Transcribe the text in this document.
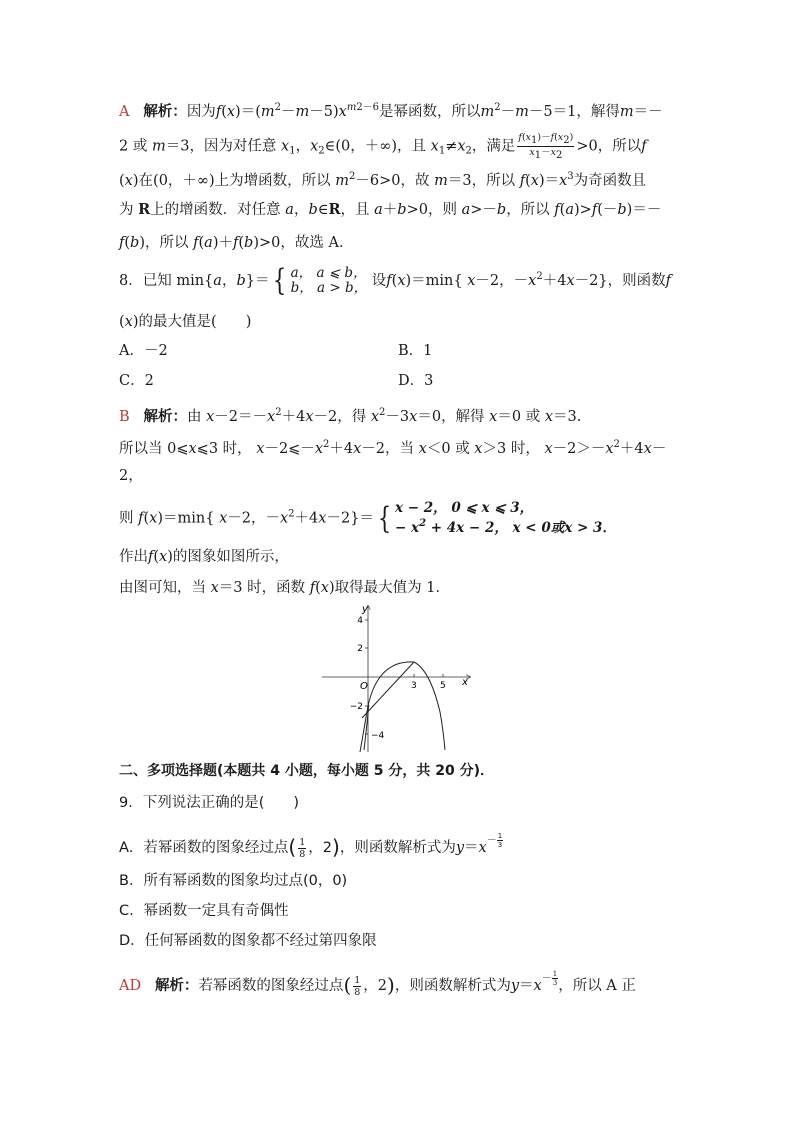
A 解析：因为$f(x)=(m^2-m-5)x^{m2-6}$是幂函数，所以$m^2-m-5=1$，解得m＝－
2 或 m＝3，因为对任意 $x_1$，$x_2\in(0$，＋∞)，且 $x_1\ne x_2$，满足 $\frac{f(x1)-f(x2)}{x1-x2} >0$，所以f
(x)在(0，＋∞)上为增函数，所以 $m^2-6>0$，故 m＝3，所以 $f(x)=x^3$为奇函数且
为 R上的增函数．对任意 a，b∈R，且 a＋b>0，则 a>－b，所以 f(a)>f(－b)＝－
f(b)，所以 f(a)＋f(b)>0，故选 A．
8．已知 min{a，b}＝ { a， a ⩽ b，
b， a > b， 设f(x)＝min{ x－2，$-x^2+4x-2$}，则函数f
(x)的最大值是(　　)
A．－2	B．1
C．2	D．3
B 解析：由 $x-2=-x^2+4x-2$，得 $x^2-3x=0$，解得 x＝0 或 x＝3.
所以当 0⩽x⩽3 时， $x-2⩽-x^2+4x-2$，当 x＜0 或 x＞3 时， $x-2>-x^2+4x-$
2，
则 f(x)＝min{ x－2，$-x^2+4x-2\}=$ { x − 2， 0 ⩽ x ⩽ 3，
− $x^2 + 4x - 2$， x < 0或x > 3．
作出f(x)的图象如图所示，
由图可知，当 x＝3 时，函数 f(x)取得最大值为 1．
y
x
O
4
2
−2
−4
3	5
二、多项选择题(本题共 4 小题，每小题 5 分，共 20 分)．
9．下列说法正确的是(　　)
A．若幂函数的图象经过点( $\frac{1}{8}$ ，2)，则函数解析式为$y=x^{- \frac{1}{3}}$
B．所有幂函数的图象均过点(0，0)
C．幂函数一定具有奇偶性
D．任何幂函数的图象都不经过第四象限
AD 解析：若幂函数的图象经过点( $\frac{1}{8}$ ，2)，则函数解析式为$y=x^{- \frac{1}{3}}$ ，所以 A 正
